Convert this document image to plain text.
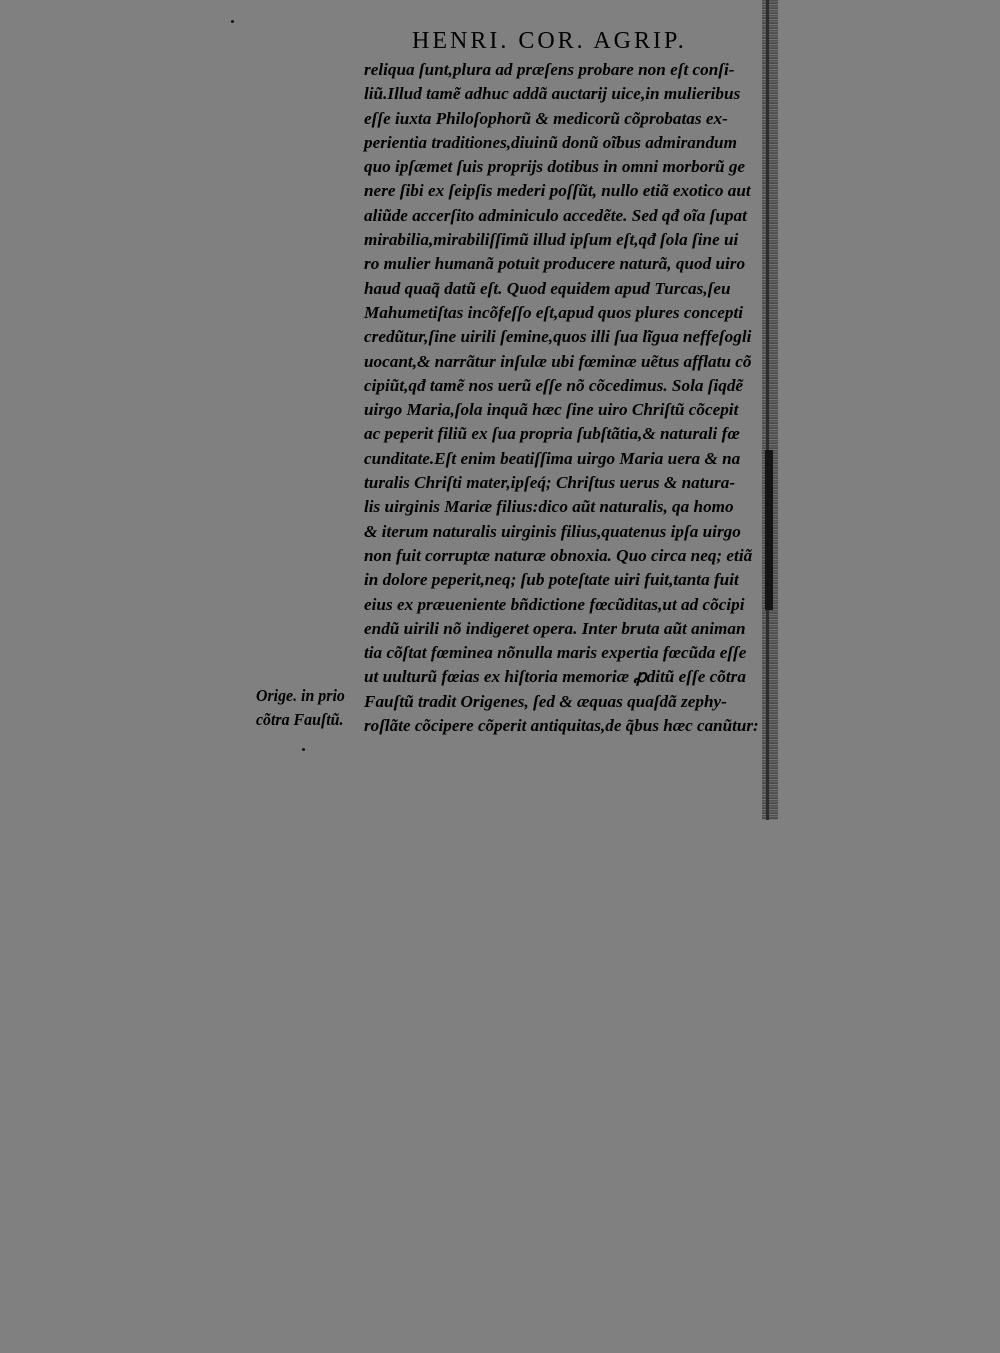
HENRI. COR. AGRIP.
reliqua ſunt,plura ad præſens probare non eſt conſi-
liũ.Illud tamẽ adhuc addã auctarij uice,in mulieribus
eſſe iuxta Philoſophorũ & medicorũ cõprobatas ex-
perientia traditiones,diuinũ donũ oĩbus admirandum
quo ipſæmet ſuis proprijs dotibus in omni morborũ ge
nere ſibi ex ſeipſis mederi poſſũt, nullo etiã exotico aut
aliũde accerſito adminiculo accedẽte. Sed qđ oĩa ſupat
mirabilia,mirabiliſſimũ illud ipſum eſt,qđ ſola ſine ui
ro mulier humanã potuit producere naturã, quod uiro
haud quaq̃ datũ eſt. Quod equidem apud Turcas,ſeu
Mahumetiſtas incõfeſſo eſt,apud quos plures concepti
credũtur,ſine uirili ſemine,quos illi ſua lĩgua neffeſogli
uocant,& narrãtur inſulæ ubi fœminæ uẽtus afflatu cõ
cipiũt,qđ tamẽ nos uerũ eſſe nõ cõcedimus. Sola ſiqdẽ
uirgo Maria,ſola inquã hæc ſine uiro Chriſtũ cõcepit
ac peperit filiũ ex ſua propria ſubſtãtia,& naturali fœ
cunditate.Eſt enim beatiſſima uirgo Maria uera & na
turalis Chriſti mater,ipſeq́; Chriſtus uerus & natura-
lis uirginis Mariæ filius:dico aũt naturalis, qa homo
& iterum naturalis uirginis filius,quatenus ipſa uirgo
non fuit corruptæ naturæ obnoxia. Quo circa neq; etiã
in dolore peperit,neq; ſub poteſtate uiri fuit,tanta fuit
eius ex præueniente bñdictione fœcũditas,ut ad cõcipi
endũ uirili nõ indigeret opera. Inter bruta aũt animan
tia cõſtat fœminea nõnulla maris expertia fœcũda eſſe
ut uulturũ fœias ex hiſtoria memoriæ ꝓditũ eſſe cõtra
Fauſtũ tradit Origenes, ſed & æquas quaſdã zephy-
roſlãte cõcipere cõperit antiquitas,de q̃bus hæc canũtur:
Orige. in prio
cõtra Fauſtũ.
